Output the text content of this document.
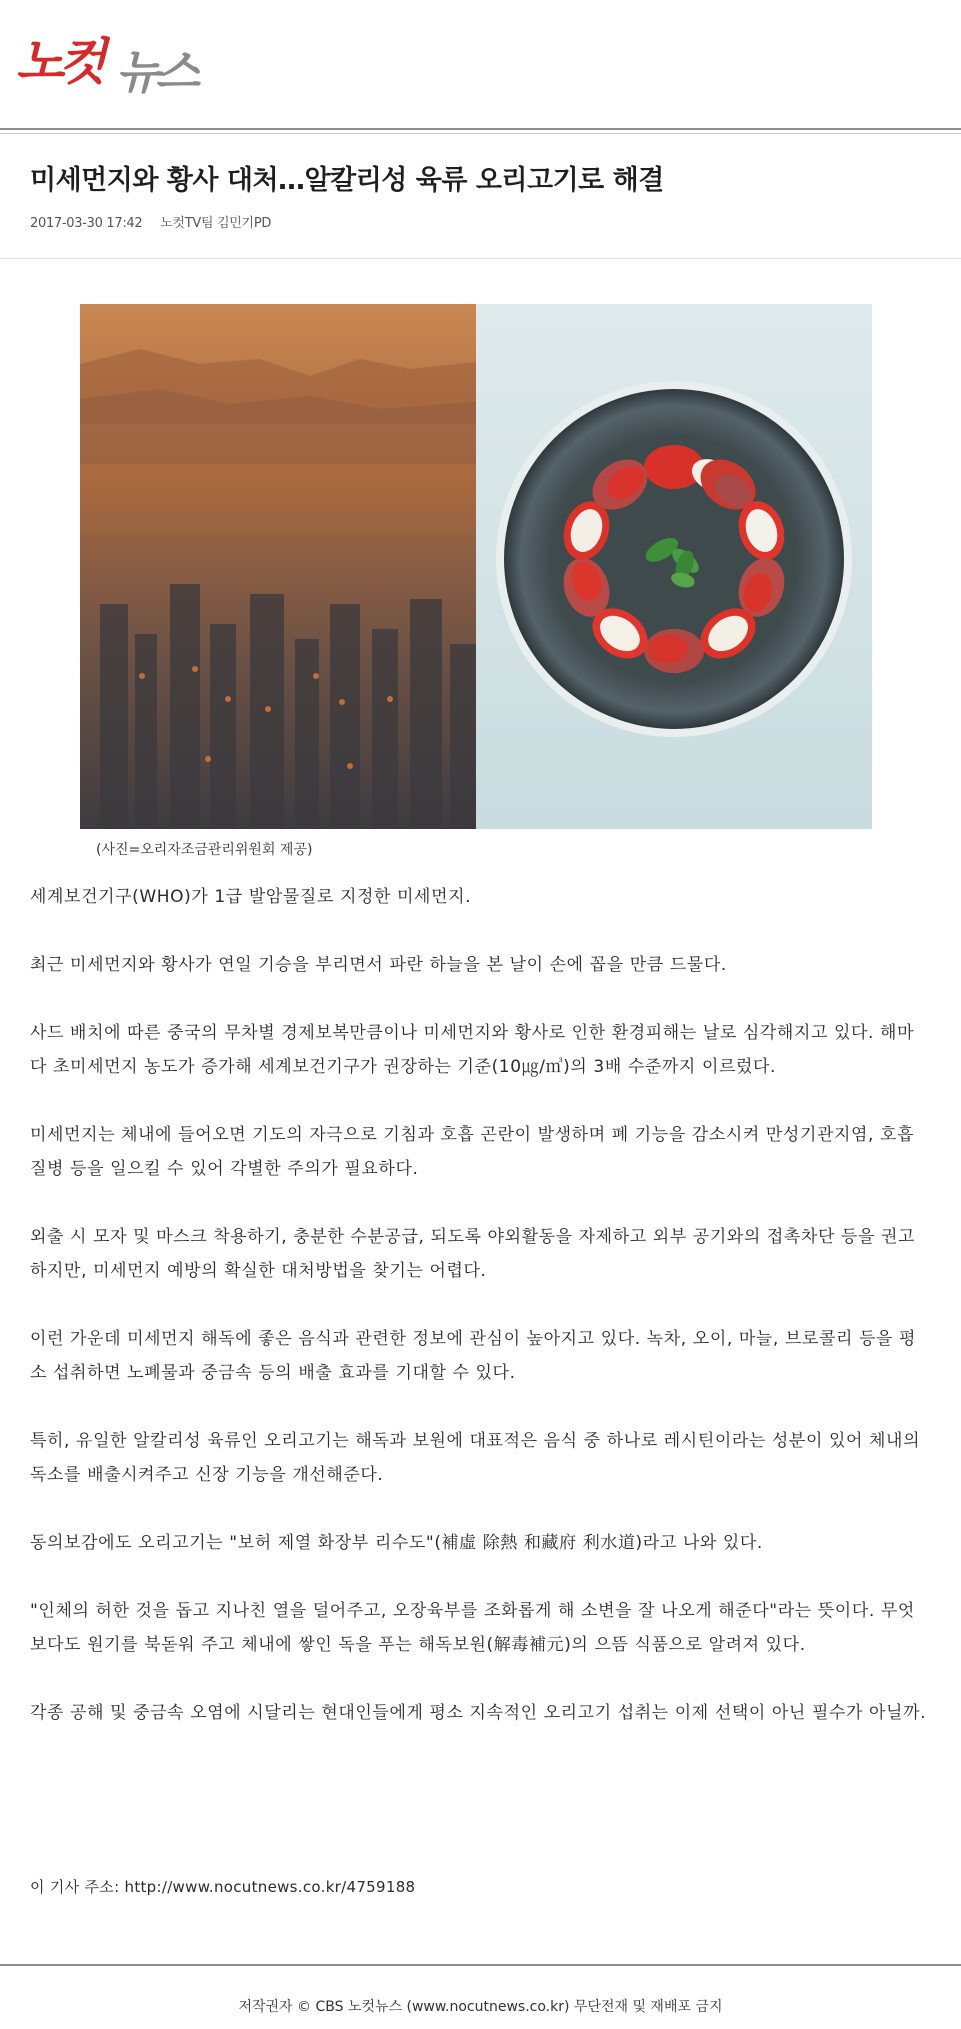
노컷 뉴스
미세먼지와 황사 대처…알칼리성 육류 오리고기로 해결
2017-03-30 17:42 노컷TV팀 김민기PD
(사진=오리자조금관리위원회 제공)

세계보건기구(WHO)가 1급 발암물질로 지정한 미세먼지.

최근 미세먼지와 황사가 연일 기승을 부리면서 파란 하늘을 본 날이 손에 꼽을 만큼 드물다.

사드 배치에 따른 중국의 무차별 경제보복만큼이나 미세먼지와 황사로 인한 환경피해는 날로 심각해지고 있다. 해마다 초미세먼지 농도가 증가해 세계보건기구가 권장하는 기준(10㎍/㎥)의 3배 수준까지 이르렀다.

미세먼지는 체내에 들어오면 기도의 자극으로 기침과 호흡 곤란이 발생하며 폐 기능을 감소시켜 만성기관지염, 호흡 질병 등을 일으킬 수 있어 각별한 주의가 필요하다.

외출 시 모자 및 마스크 착용하기, 충분한 수분공급, 되도록 야외활동을 자제하고 외부 공기와의 접촉차단 등을 권고하지만, 미세먼지 예방의 확실한 대처방법을 찾기는 어렵다.

이런 가운데 미세먼지 해독에 좋은 음식과 관련한 정보에 관심이 높아지고 있다. 녹차, 오이, 마늘, 브로콜리 등을 평소 섭취하면 노폐물과 중금속 등의 배출 효과를 기대할 수 있다.

특히, 유일한 알칼리성 육류인 오리고기는 해독과 보원에 대표적은 음식 중 하나로 레시틴이라는 성분이 있어 체내의 독소를 배출시켜주고 신장 기능을 개선해준다.

동의보감에도 오리고기는 "보허 제열 화장부 리수도"(補虛 除熱 和藏府 利水道)라고 나와 있다.

"인체의 허한 것을 돕고 지나친 열을 덜어주고, 오장육부를 조화롭게 해 소변을 잘 나오게 해준다"라는 뜻이다. 무엇보다도 원기를 북돋워 주고 체내에 쌓인 독을 푸는 해독보원(解毒補元)의 으뜸 식품으로 알려져 있다.

각종 공해 및 중금속 오염에 시달리는 현대인들에게 평소 지속적인 오리고기 섭취는 이제 선택이 아닌 필수가 아닐까.

이 기사 주소: http://www.nocutnews.co.kr/4759188
저작권자 © CBS 노컷뉴스 (www.nocutnews.co.kr) 무단전재 및 재배포 금지
